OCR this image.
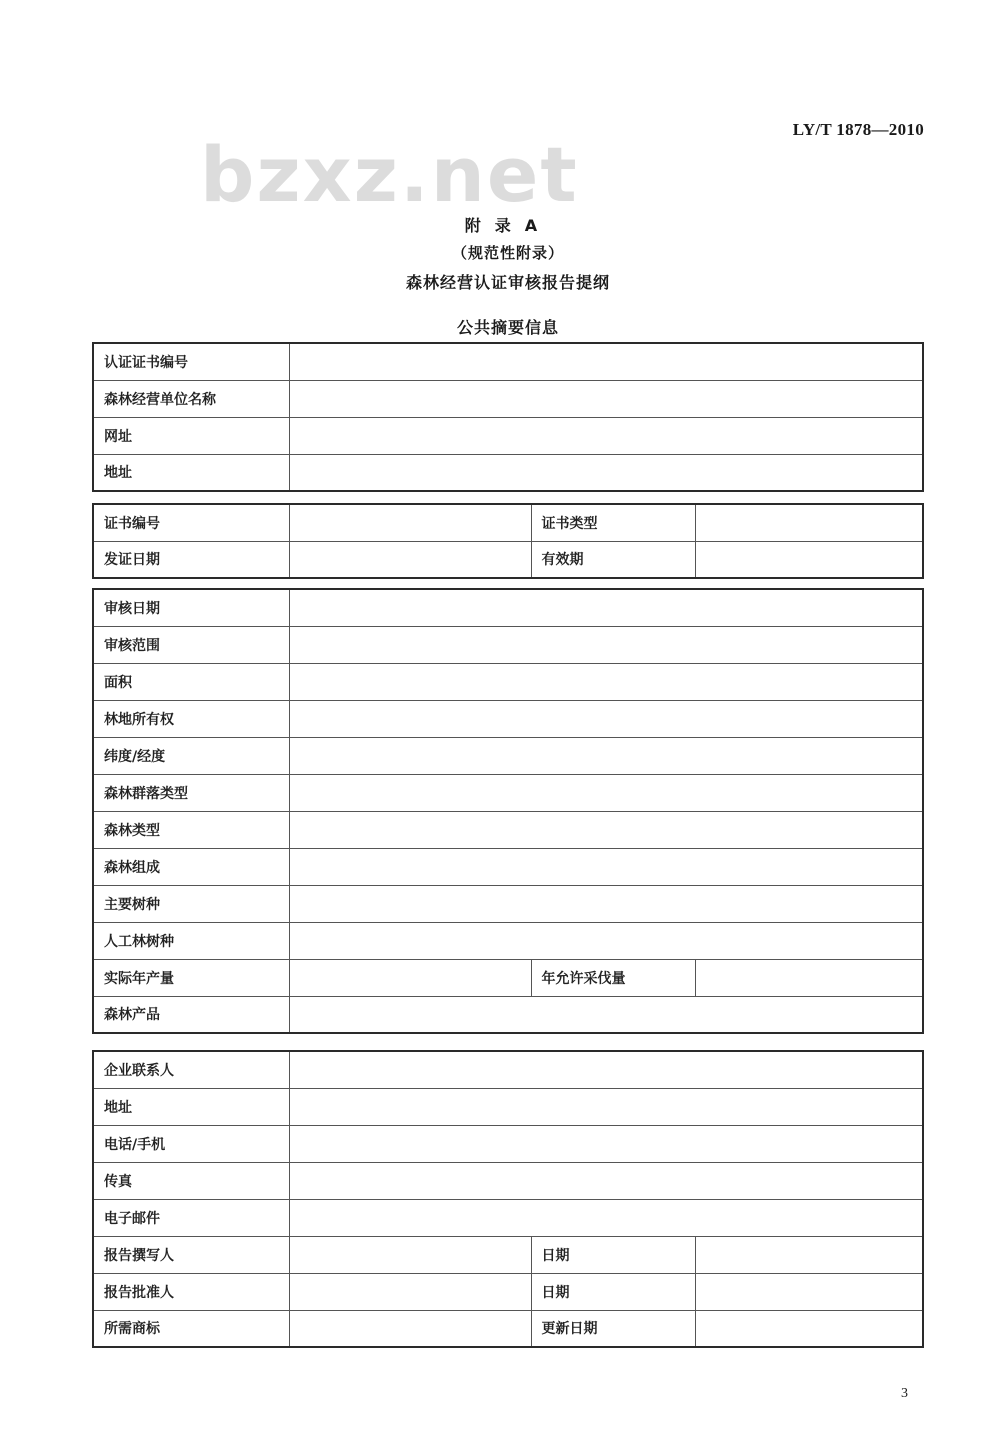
LY/T 1878—2010
bzxz.net
附录A
（规范性附录）
森林经营认证审核报告提纲
公共摘要信息
认证证书编号	
森林经营单位名称	
网址	
地址	
证书编号		证书类型	
发证日期		有效期	
审核日期			
审核范围			
面积			
林地所有权			
纬度/经度			
森林群落类型			
森林类型			
森林组成			
主要树种			
人工林树种			
实际年产量		年允许采伐量	
森林产品			
企业联系人			
地址			
电话/手机			
传真			
电子邮件			
报告撰写人		日期	
报告批准人		日期	
所需商标		更新日期	
3
